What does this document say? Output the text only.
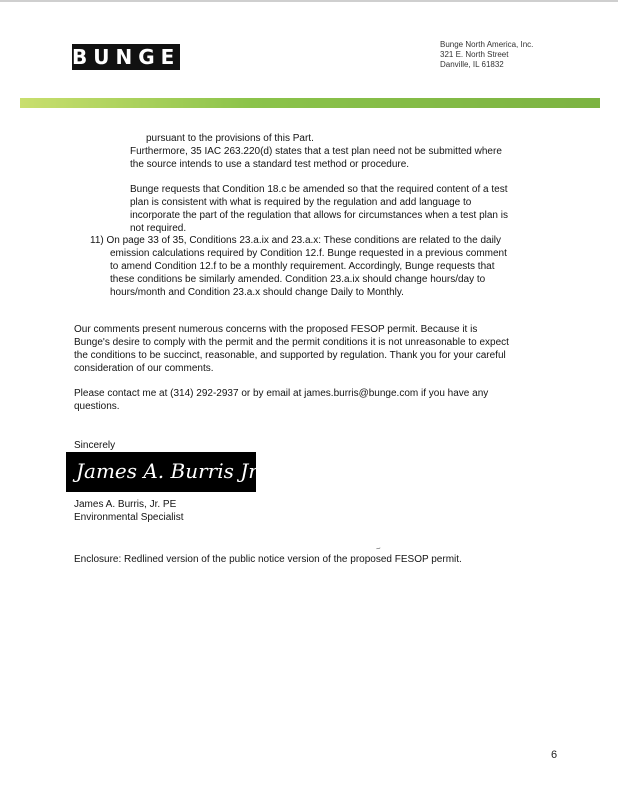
BUNGE
Bunge North America, Inc.
321 E. North Street
Danville, IL 61832
pursuant to the provisions of this Part.
Furthermore, 35 IAC 263.220(d) states that a test plan need not be submitted where
the source intends to use a standard test method or procedure.
Bunge requests that Condition 18.c be amended so that the required content of a test
plan is consistent with what is required by the regulation and add language to
incorporate the part of the regulation that allows for circumstances when a test plan is
not required.
11) On page 33 of 35, Conditions 23.a.ix and 23.a.x: These conditions are related to the daily
emission calculations required by Condition 12.f. Bunge requested in a previous comment
to amend Condition 12.f to be a monthly requirement. Accordingly, Bunge requests that
these conditions be similarly amended. Condition 23.a.ix should change hours/day to
hours/month and Condition 23.a.x should change Daily to Monthly.
Our comments present numerous concerns with the proposed FESOP permit. Because it is
Bunge's desire to comply with the permit and the permit conditions it is not unreasonable to expect
the conditions to be succinct, reasonable, and supported by regulation. Thank you for your careful
consideration of our comments.
Please contact me at (314) 292-2937 or by email at james.burris@bunge.com if you have any
questions.
Sincerely
James A. Burris Jr.
James A. Burris, Jr. PE
Environmental Specialist
~
Enclosure: Redlined version of the public notice version of the proposed FESOP permit.
6
